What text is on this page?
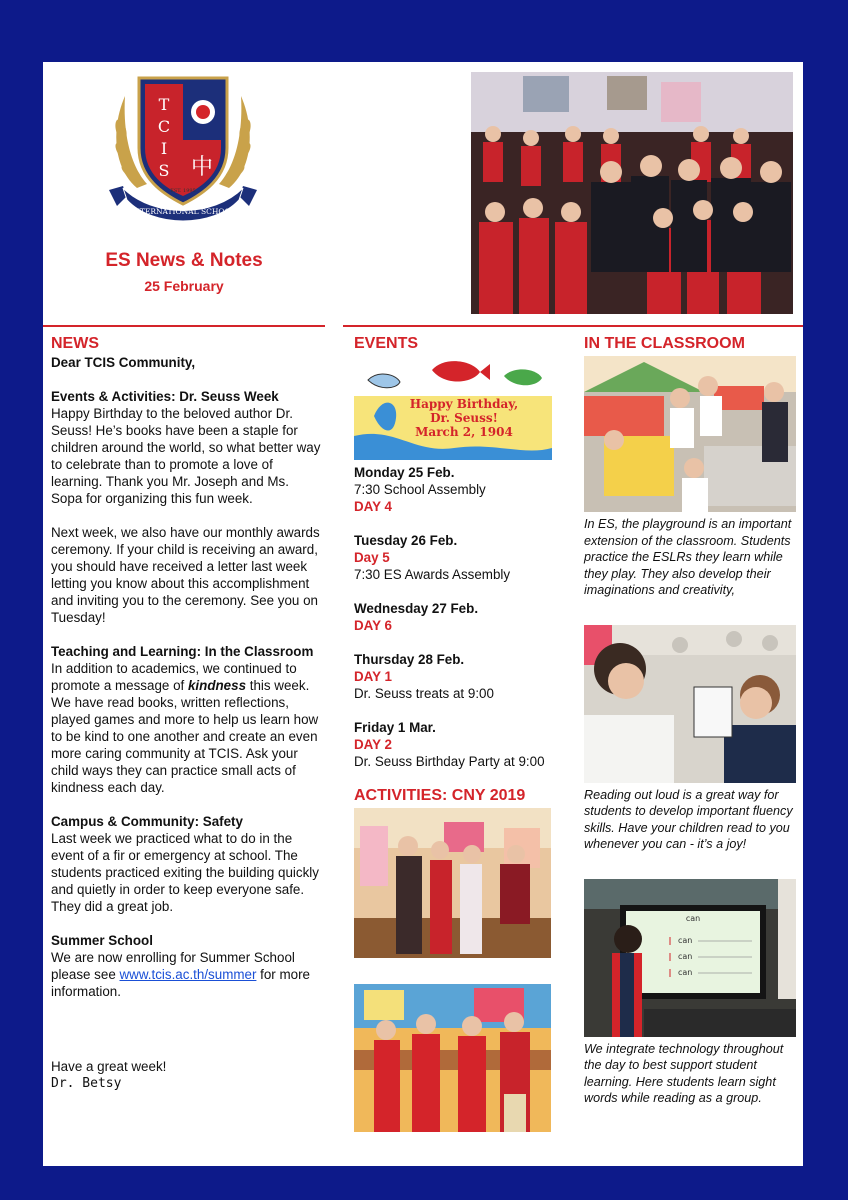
T
C
I
S 中
EST. 1995
INTERNATIONAL SCHOOL
ES News & Notes
25 February
NEWS
Dear TCIS Community,
Events & Activities: Dr. Seuss Week
Happy Birthday to the beloved author Dr. Seuss! He’s books have been a staple for children around the world, so what better way to celebrate than to promote a love of learning. Thank you Mr. Joseph and Ms. Sopa for organizing this fun week.
Next week, we also have our monthly awards ceremony. If your child is receiving an award, you should have received a letter last week letting you know about this accomplishment and inviting you to the ceremony. See you on Tuesday!
Teaching and Learning: In the Classroom
In addition to academics, we continued to promote a message of kindness this week. We have read books, written reflections, played games and more to help us learn how to be kind to one another and create an even more caring community at TCIS. Ask your child ways they can practice small acts of kindness each day.
Campus & Community: Safety
Last week we practiced what to do in the event of a fir or emergency at school. The students practiced exiting the building quickly and quietly in order to keep everyone safe. They did a great job.
Summer School
We are now enrolling for Summer School please see www.tcis.ac.th/summer for more information.
Have a great week!
Dr. Betsy
EVENTS
Happy Birthday,
Dr. Seuss!
March 2, 1904
Monday 25 Feb.
7:30 School Assembly
DAY 4
Tuesday 26 Feb.
Day 5
7:30 ES Awards Assembly
Wednesday 27 Feb.
DAY 6
Thursday 28 Feb.
DAY 1
Dr. Seuss treats at 9:00
Friday 1 Mar.
DAY 2
Dr. Seuss Birthday Party at 9:00
ACTIVITIES: CNY 2019
IN THE CLASSROOM
In ES, the playground is an important extension of the classroom. Students practice the ESLRs they learn while they play. They also develop their imaginations and creativity,
Reading out loud is a great way for students to develop important fluency skills. Have your children read to you whenever you can - it’s a joy!
can
can
can
can
We integrate technology throughout the day to best support student learning. Here students learn sight words while reading as a group.
